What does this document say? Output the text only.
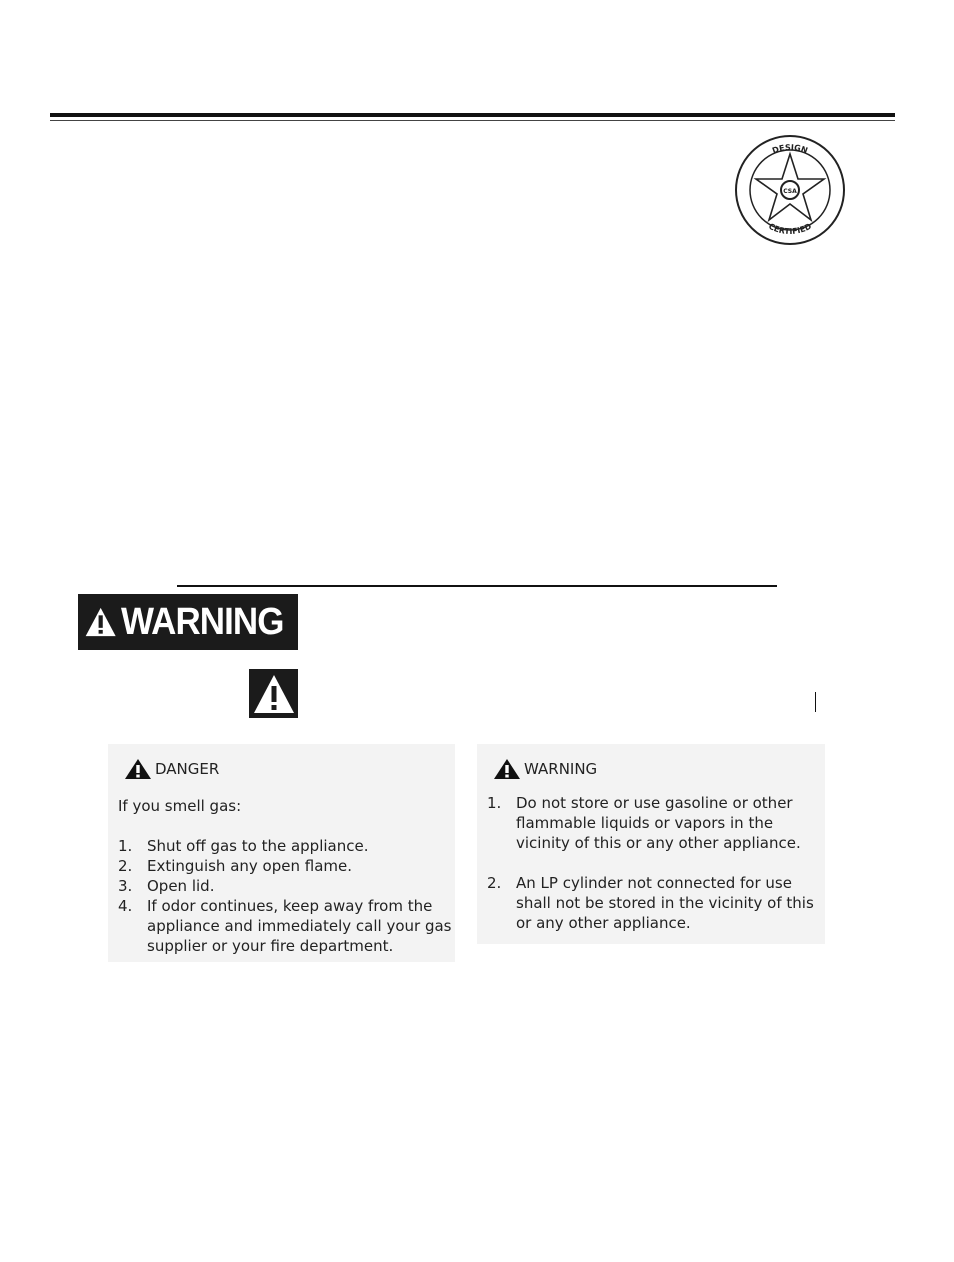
DESIGN
CERTIFIED
CSA
WARNING
DANGER
If you smell gas:
1. Shut off gas to the appliance.
2. Extinguish any open flame.
3. Open lid.
4. If odor continues, keep away from the appliance and immediately call your gas supplier or your fire department.
WARNING
1. Do not store or use gasoline or other flammable liquids or vapors in the vicinity of this or any other appliance.
2. An LP cylinder not connected for use shall not be stored in the vicinity of this or any other appliance.
